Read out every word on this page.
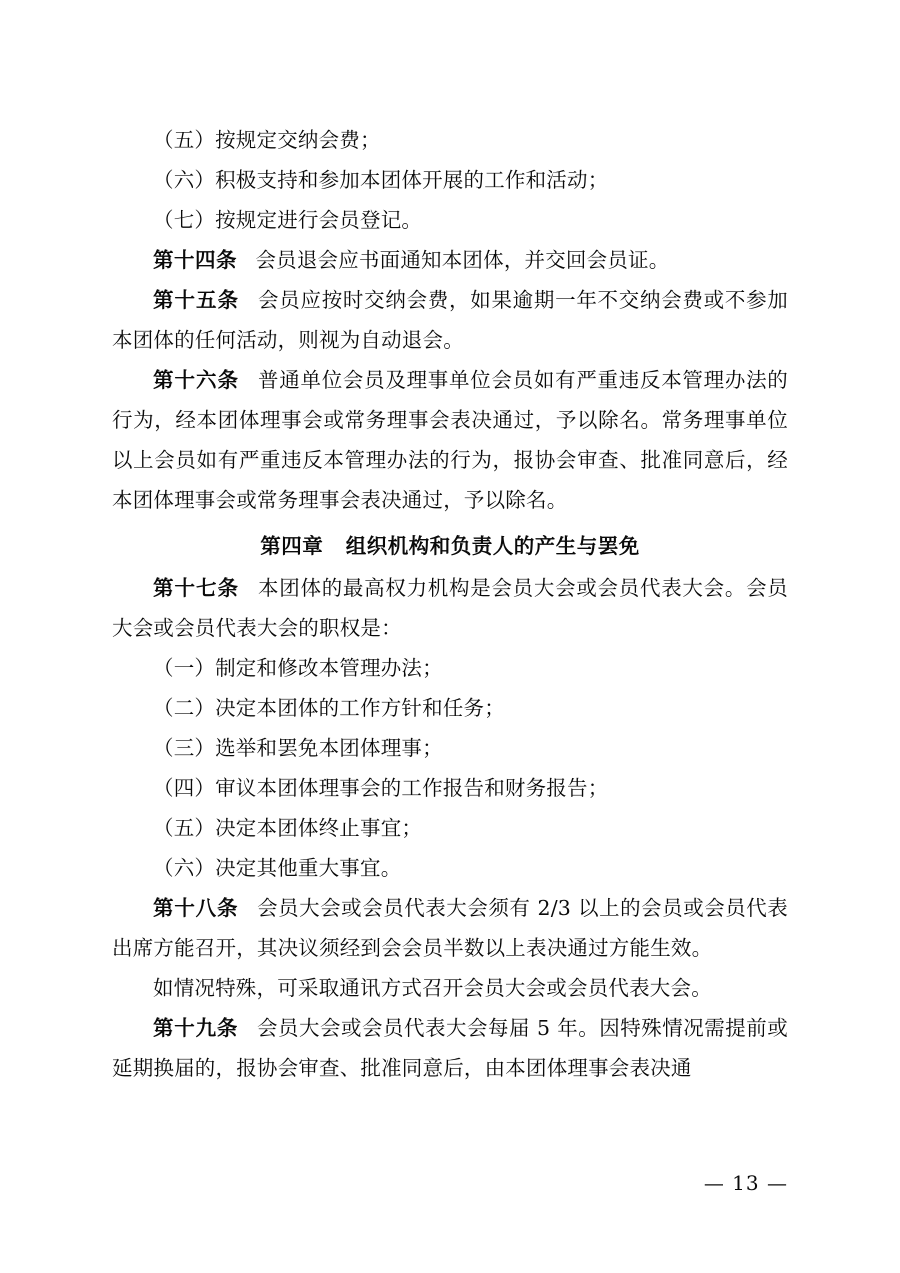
（五）按规定交纳会费；

（六）积极支持和参加本团体开展的工作和活动；

（七）按规定进行会员登记。

第十四条 会员退会应书面通知本团体，并交回会员证。

第十五条 会员应按时交纳会费，如果逾期一年不交纳会费或不参加本团体的任何活动，则视为自动退会。

第十六条 普通单位会员及理事单位会员如有严重违反本管理办法的行为，经本团体理事会或常务理事会表决通过，予以除名。常务理事单位以上会员如有严重违反本管理办法的行为，报协会审查、批准同意后，经本团体理事会或常务理事会表决通过，予以除名。

第四章 组织机构和负责人的产生与罢免

第十七条 本团体的最高权力机构是会员大会或会员代表大会。会员大会或会员代表大会的职权是：

（一）制定和修改本管理办法；

（二）决定本团体的工作方针和任务；

（三）选举和罢免本团体理事；

（四）审议本团体理事会的工作报告和财务报告；

（五）决定本团体终止事宜；

（六）决定其他重大事宜。

第十八条 会员大会或会员代表大会须有 2/3 以上的会员或会员代表出席方能召开，其决议须经到会会员半数以上表决通过方能生效。

如情况特殊，可采取通讯方式召开会员大会或会员代表大会。

第十九条 会员大会或会员代表大会每届 5 年。因特殊情况需提前或延期换届的，报协会审查、批准同意后，由本团体理事会表决通

— 13 —
